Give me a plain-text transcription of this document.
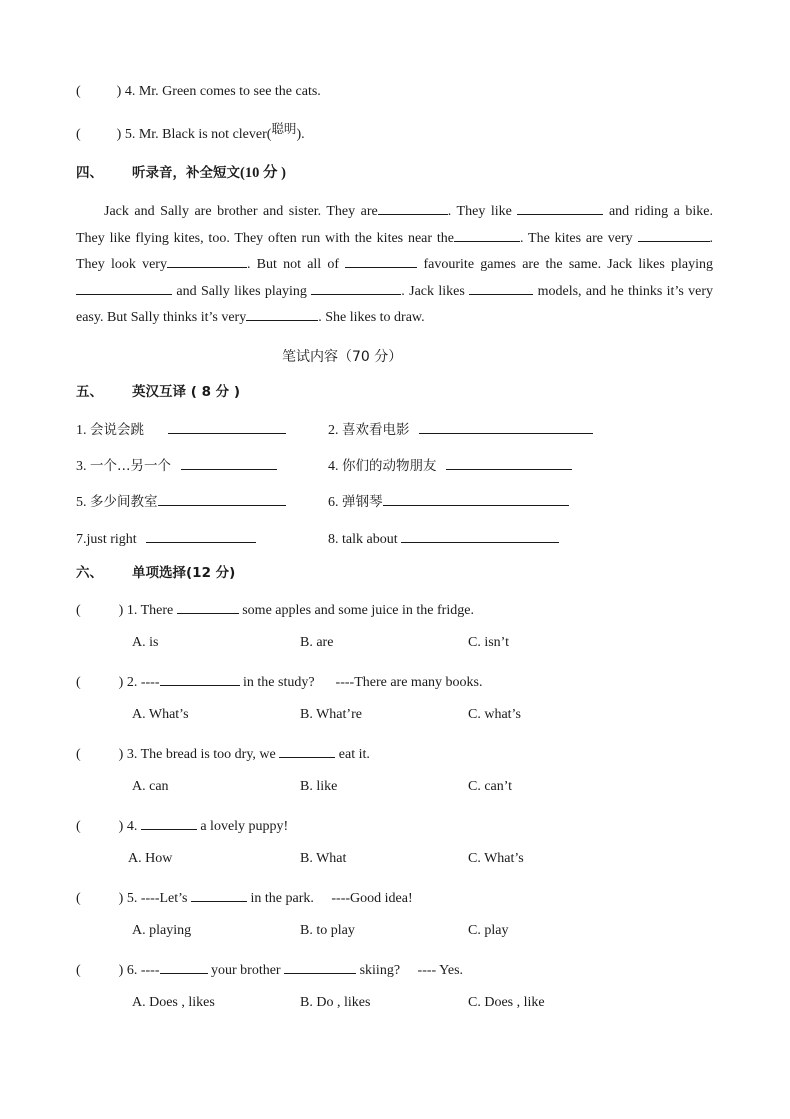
(	) 4. Mr. Green comes to see the cats.
(	) 5. Mr. Black is not clever(聪明).
四、 听录音，补全短文(10 分 )

Jack and Sally are brother and sister. They are	. They like	and riding a bike. They like flying kites, too. They often run with the kites near the	. The kites are very	. They look very	. But not all of	favourite games are the same. Jack likes playing  and Sally likes playing	. Jack likes	models, and he thinks it’s very easy. But Sally thinks it’s very	. She likes to draw.

笔试内容（70 分）
五、 英汉互译 ( 8 分 )
1. 会说会跳	2. 喜欢看电影
3. 一个…另一个	4. 你们的动物朋友
5. 多少间教室	6. 弹钢琴
7.just right	8. talk about
六、 单项选择(12 分)
(	) 1. There	some apples and some juice in the fridge.
A. is	B. are	C. isn’t
(	) 2. ----	in the study?      ----There are many books.
A. What’s	B. What’re	C. what’s
(	) 3. The bread is too dry, we	eat it.
A. can	B. like	C. can’t
(	) 4.	a lovely puppy!
A. How	B. What	C. What’s
(	) 5. ----Let’s	in the park.     ----Good idea!
A. playing	B. to play	C. play
(	) 6. ----	your brother	skiing?     ---- Yes.
A. Does , likes	B. Do , likes	C. Does , like
